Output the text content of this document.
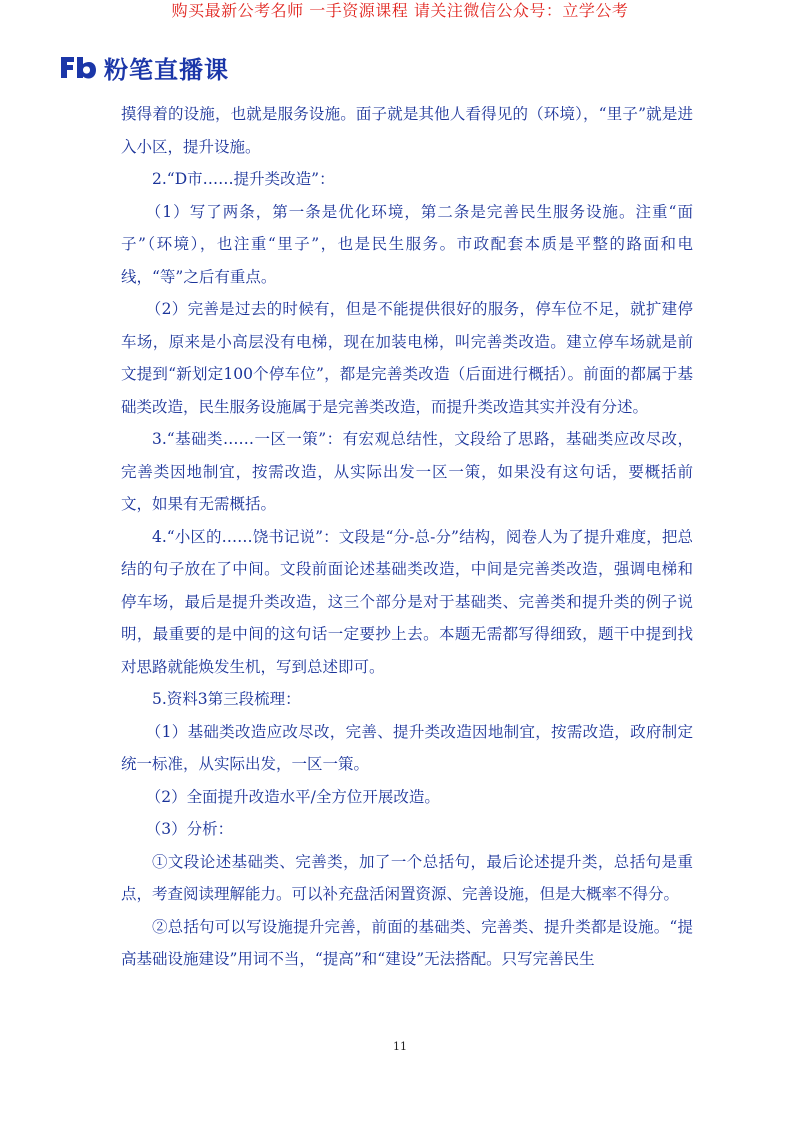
购买最新公考名师 一手资源课程 请关注微信公众号：立学公考
粉笔直播课

摸得着的设施，也就是服务设施。面子就是其他人看得见的（环境），“里子”就是进入小区，提升设施。

2.“D市……提升类改造”：

（1）写了两条，第一条是优化环境，第二条是完善民生服务设施。注重“面子”（环境），也注重“里子”，也是民生服务。市政配套本质是平整的路面和电线，“等”之后有重点。

（2）完善是过去的时候有，但是不能提供很好的服务，停车位不足，就扩建停车场，原来是小高层没有电梯，现在加装电梯，叫完善类改造。建立停车场就是前文提到“新划定100个停车位”，都是完善类改造（后面进行概括）。前面的都属于基础类改造，民生服务设施属于是完善类改造，而提升类改造其实并没有分述。

3.“基础类……一区一策”：有宏观总结性，文段给了思路，基础类应改尽改，完善类因地制宜，按需改造，从实际出发一区一策，如果没有这句话，要概括前文，如果有无需概括。

4.“小区的……饶书记说”：文段是“分-总-分”结构，阅卷人为了提升难度，把总结的句子放在了中间。文段前面论述基础类改造，中间是完善类改造，强调电梯和停车场，最后是提升类改造，这三个部分是对于基础类、完善类和提升类的例子说明，最重要的是中间的这句话一定要抄上去。本题无需都写得细致，题干中提到找对思路就能焕发生机，写到总述即可。

5.资料3第三段梳理：

（1）基础类改造应改尽改，完善、提升类改造因地制宜，按需改造，政府制定统一标准，从实际出发，一区一策。

（2）全面提升改造水平/全方位开展改造。

（3）分析：

①文段论述基础类、完善类，加了一个总括句，最后论述提升类，总括句是重点，考查阅读理解能力。可以补充盘活闲置资源、完善设施，但是大概率不得分。

②总括句可以写设施提升完善，前面的基础类、完善类、提升类都是设施。“提高基础设施建设”用词不当，“提高”和“建设”无法搭配。只写完善民生

11
